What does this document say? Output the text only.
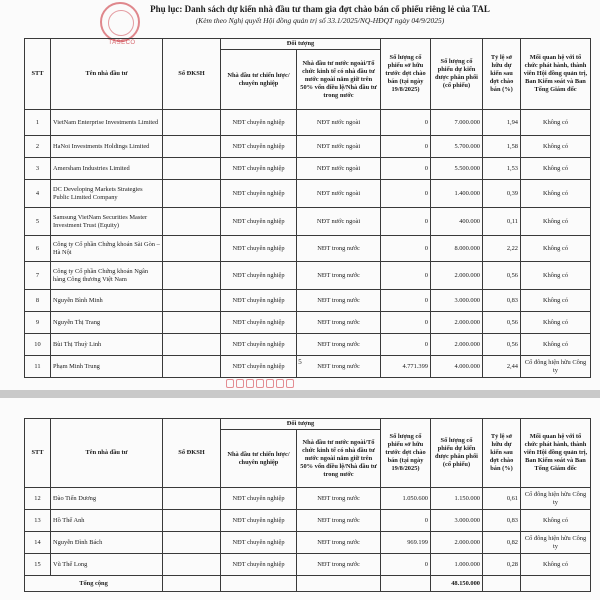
TASECO
Phụ lục: Danh sách dự kiến nhà đầu tư tham gia đợt chào bán cổ phiếu riêng lẻ của TAL
(Kèm theo Nghị quyết Hội đồng quản trị số 33.1/2025/NQ-HĐQT ngày 04/9/2025)
STT	Tên nhà đầu tư	Số ĐKSH	Đối tượng		Số lượng cổ phiếu sở hữu trước đợt chào bán (tại ngày 19/8/2025)	Số lượng cổ phiếu dự kiến được phân phối (cổ phiếu)	Tỷ lệ sở hữu dự kiến sau đợt chào bán (%)	Mối quan hệ với tổ chức phát hành, thành viên Hội đồng quản trị, Ban Kiểm soát và Ban Tổng Giám đốc
			Nhà đầu tư chiến lược/ chuyên nghiệp	Nhà đầu tư nước ngoài/Tổ chức kinh tế có nhà đầu tư nước ngoài nắm giữ trên 50% vốn điều lệ/Nhà đầu tư trong nước				
1	VietNam Enterprise Investments Limited		NĐT chuyên nghiệp	NĐT nước ngoài	0	7.000.000	1,94	Không có
2	HaNoi Investments Holdings Limited		NĐT chuyên nghiệp	NĐT nước ngoài	0	5.700.000	1,58	Không có
3	Amersham Industries Limited		NĐT chuyên nghiệp	NĐT nước ngoài	0	5.500.000	1,53	Không có
4	DC Developing Markets Strategies Public Limited Company		NĐT chuyên nghiệp	NĐT nước ngoài	0	1.400.000	0,39	Không có
5	Samsung VietNam Securities Master Investment Trust (Equity)		NĐT chuyên nghiệp	NĐT nước ngoài	0	400.000	0,11	Không có
6	Công ty Cổ phần Chứng khoán Sài Gòn – Hà Nội		NĐT chuyên nghiệp	NĐT trong nước	0	8.000.000	2,22	Không có
7	Công ty Cổ phần Chứng khoán Ngân hàng Công thương Việt Nam		NĐT chuyên nghiệp	NĐT trong nước	0	2.000.000	0,56	Không có
8	Nguyễn Bình Minh		NĐT chuyên nghiệp	NĐT trong nước	0	3.000.000	0,83	Không có
9	Nguyễn Thị Trang		NĐT chuyên nghiệp	NĐT trong nước	0	2.000.000	0,56	Không có
10	Bùi Thị Thuỳ Linh		NĐT chuyên nghiệp	NĐT trong nước	0	2.000.000	0,56	Không có
11	Phạm Minh Trung		NĐT chuyên nghiệp	NĐT trong nước	4.771.399	4.000.000	2,44	Cổ đông hiện hữu Công ty
5
STT	Tên nhà đầu tư	Số ĐKSH	Đối tượng		Số lượng cổ phiếu sở hữu trước đợt chào bán (tại ngày 19/8/2025)	Số lượng cổ phiếu dự kiến được phân phối (cổ phiếu)	Tỷ lệ sở hữu dự kiến sau đợt chào bán (%)	Mối quan hệ với tổ chức phát hành, thành viên Hội đồng quản trị, Ban Kiểm soát và Ban Tổng Giám đốc
			Nhà đầu tư chiến lược/ chuyên nghiệp	Nhà đầu tư nước ngoài/Tổ chức kinh tế có nhà đầu tư nước ngoài nắm giữ trên 50% vốn điều lệ/Nhà đầu tư trong nước				
12	Đào Tiến Dương		NĐT chuyên nghiệp	NĐT trong nước	1.050.600	1.150.000	0,61	Cổ đông hiện hữu Công ty
13	Hồ Thế Anh		NĐT chuyên nghiệp	NĐT trong nước	0	3.000.000	0,83	Không có
14	Nguyễn Đình Bách		NĐT chuyên nghiệp	NĐT trong nước	969.199	2.000.000	0,82	Cổ đông hiện hữu Công ty
15	Vũ Thế Long		NĐT chuyên nghiệp	NĐT trong nước	0	1.000.000	0,28	Không có
Tổng cộng						48.150.000		
